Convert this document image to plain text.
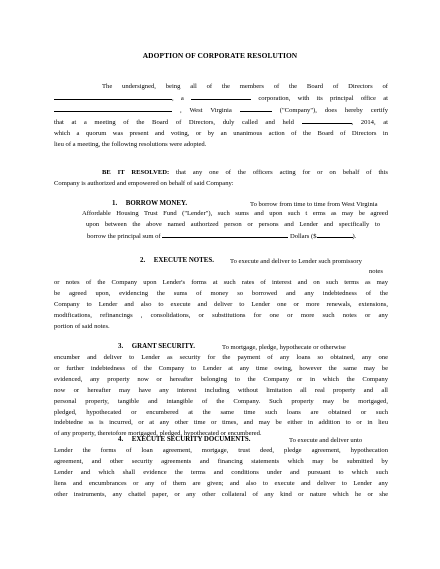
ADOPTION OF CORPORATE RESOLUTION
The undersigned, being all of the members of the Board of Directors of
, a	corporation, with its principal office at
, West Virginia	("Company"), does hereby certify
that at a meeting of the Board of Directors, duly called and held	, 2014, at
which a quorum was present and voting, or by an unanimous action of the Board of Directors in
lieu of a meeting, the following resolutions were adopted.
BE IT RESOLVED: that any one of the officers acting for or on behalf of this
Company is authorized and empowered on behalf of said Company:
1. BORROW MONEY.	To borrow from time to time from West Virginia
Affordable Housing Trust Fund ("Lender"), such sums and upon such t erms as may be agreed
upon between the above named authorized person or persons and Lender and specifically to
borrow the principal sum of	Dollars ($	).
2. EXECUTE NOTES. To execute and deliver to Lender such promissory
notes
or notes of the Company upon Lender's forms at such rates of interest and on such terms as may
be agreed upon, evidencing the sums of money so borrowed and any indebtedness of the
Company to Lender and also to execute and deliver to Lender one or more renewals, extensions,
modifications, refinancings , consolidations, or substitutions for one or more such notes or any
portion of said notes.
3. GRANT SECURITY.	To mortgage, pledge, hypothecate or otherwise
encumber and deliver to Lender as security for the payment of any loans so obtained, any one
or further indebtedness of the Company to Lender at any time owing, however the same may be
evidenced, any property now or hereafter belonging to the Company or in which the Company
now or hereafter may have any interest including without limitation all real property and all
personal property, tangible and intangible of the Company. Such property may be mortgaged,
pledged, hypothecated or encumbered at the same time such loans are obtained or such
indebtedne ss is incurred, or at any other time or times, and may be either in addition to or in lieu
of any property, theretofore mortgaged, pledged, hypothecated or encumbered.
4. EXECUTE SECURITY DOCUMENTS.	To execute and deliver unto
Lender the forms of loan agreement, mortgage, trust deed, pledge agreement, hypothecation
agreement, and other security agreements and financing statements which may be submitted by
Lender and which shall evidence the terms and conditions under and pursuant to which such
liens and encumbrances or any of them are given; and also to execute and deliver to Lender any
other instruments, any chattel paper, or any other collateral of any kind or nature which he or she
